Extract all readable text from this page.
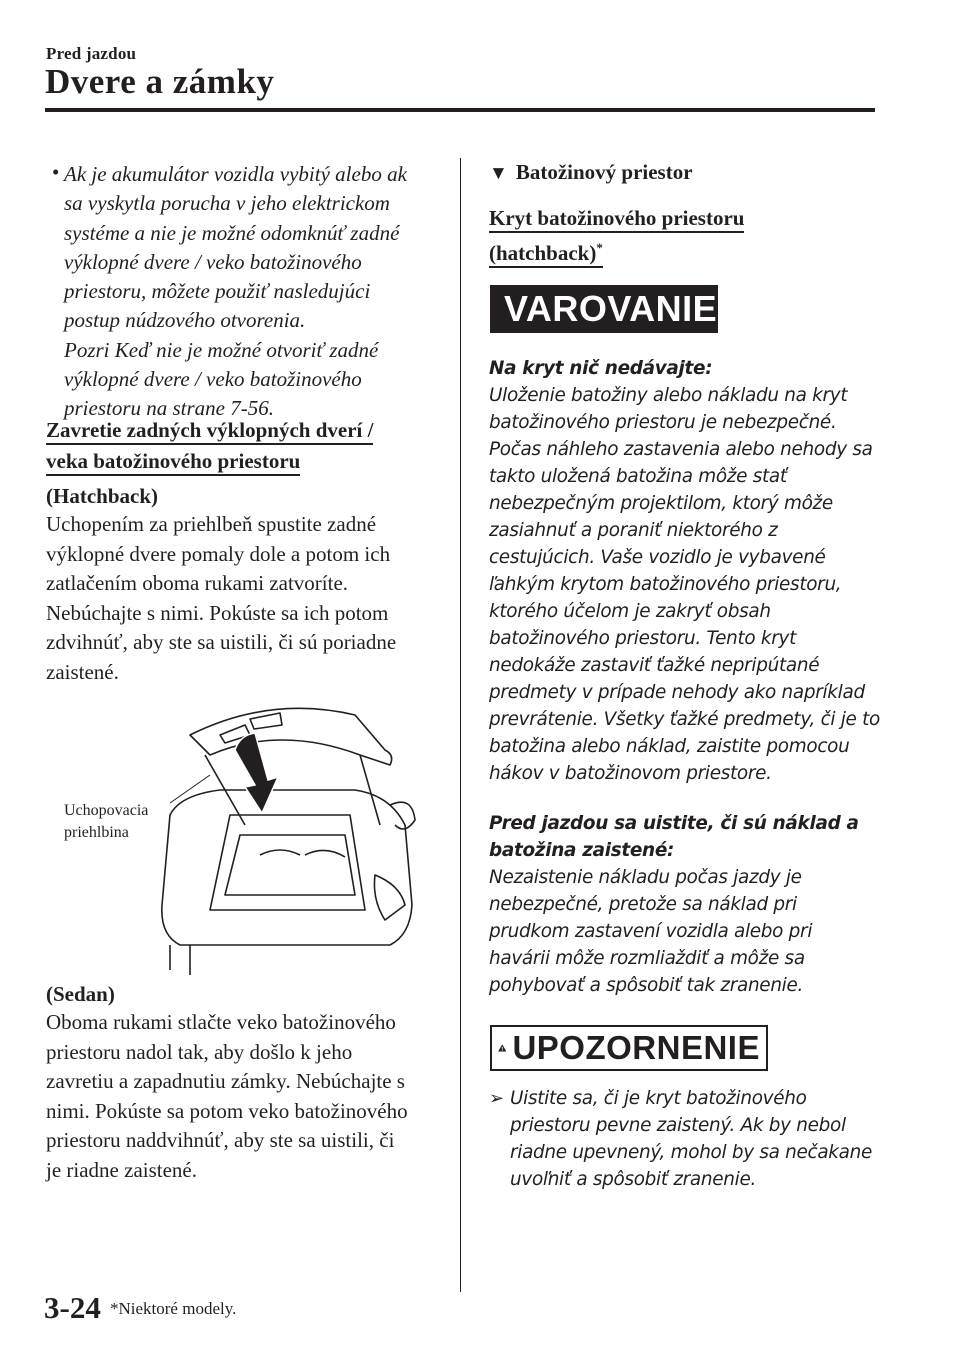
Pred jazdou
Dvere a zámky
• Ak je akumulátor vozidla vybitý alebo ak
sa vyskytla porucha v jeho elektrickom
systéme a nie je možné odomknúť zadné
výklopné dvere / veko batožinového
priestoru, môžete použiť nasledujúci
postup núdzového otvorenia.
Pozri Keď nie je možné otvoriť zadné
výklopné dvere / veko batožinového
priestoru na strane 7-56.
Zavretie zadných výklopných dverí /
veka batožinového priestoru
(Hatchback)
Uchopením za priehlbeň spustite zadné
výklopné dvere pomaly dole a potom ich
zatlačením oboma rukami zatvoríte.
Nebúchajte s nimi. Pokúste sa ich potom
zdvihnúť, aby ste sa uistili, či sú poriadne
zaistené.
Uchopovacia
priehlbina
(Sedan)
Oboma rukami stlačte veko batožinového
priestoru nadol tak, aby došlo k jeho
zavretiu a zapadnutiu zámky. Nebúchajte s
nimi. Pokúste sa potom veko batožinového
priestoru naddvihnúť, aby ste sa uistili, či
je riadne zaistené.
▼ Batožinový priestor
Kryt batožinového priestoru
(hatchback)*
VAROVANIE
Na kryt nič nedávajte:
Uloženie batožiny alebo nákladu na kryt
batožinového priestoru je nebezpečné.
Počas náhleho zastavenia alebo nehody sa
takto uložená batožina môže stať
nebezpečným projektilom, ktorý môže
zasiahnuť a poraniť niektorého z
cestujúcich. Vaše vozidlo je vybavené
ľahkým krytom batožinového priestoru,
ktorého účelom je zakryť obsah
batožinového priestoru. Tento kryt
nedokáže zastaviť ťažké nepripútané
predmety v prípade nehody ako napríklad
prevrátenie. Všetky ťažké predmety, či je to
batožina alebo náklad, zaistite pomocou
hákov v batožinovom priestore.
Pred jazdou sa uistite, či sú náklad a
batožina zaistené:
Nezaistenie nákladu počas jazdy je
nebezpečné, pretože sa náklad pri
prudkom zastavení vozidla alebo pri
havárii môže rozmliaždiť a môže sa
pohybovať a spôsobiť tak zranenie.
UPOZORNENIE
➢ Uistite sa, či je kryt batožinového
priestoru pevne zaistený. Ak by nebol
riadne upevnený, mohol by sa nečakane
uvoľniť a spôsobiť zranenie.
3-24 *Niektoré modely.
